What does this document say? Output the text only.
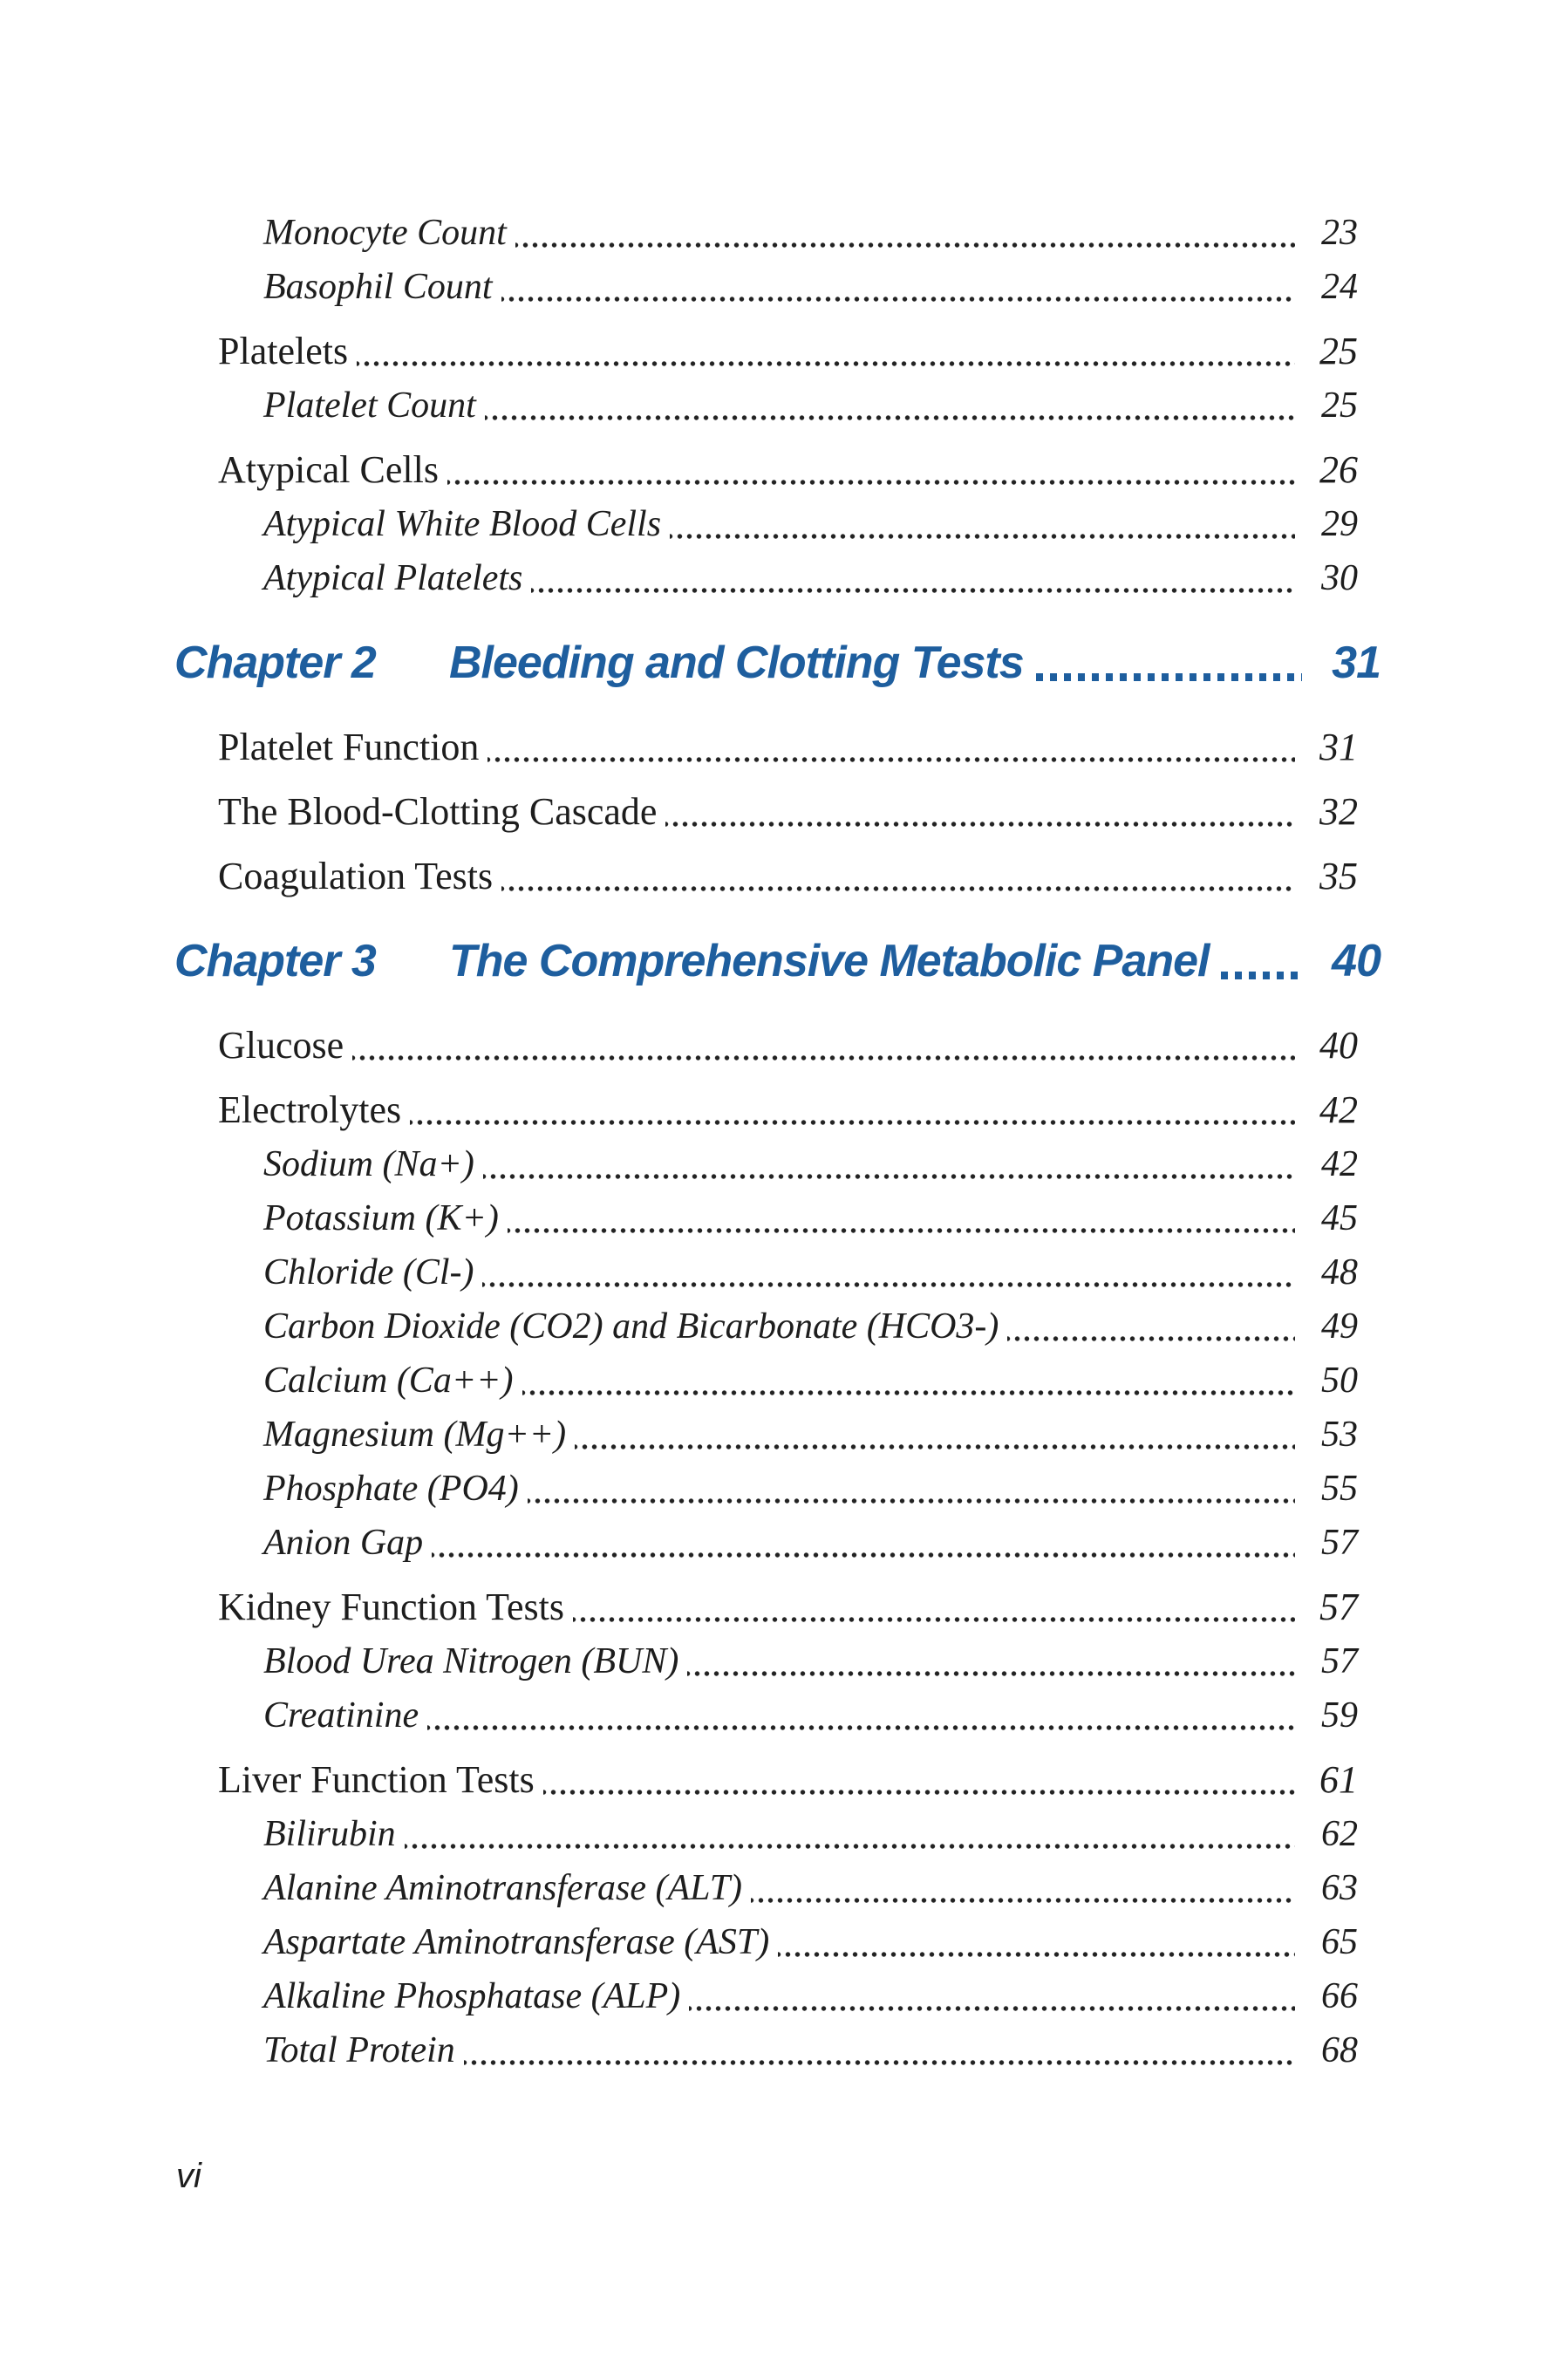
Monocyte Count	23
Basophil Count	24
Platelets	25
Platelet Count	25
Atypical Cells	26
Atypical White Blood Cells	29
Atypical Platelets	30
Chapter 2	Bleeding and Clotting Tests	31
Platelet Function	31
The Blood-Clotting Cascade	32
Coagulation Tests	35
Chapter 3	The Comprehensive Metabolic Panel	40
Glucose	40
Electrolytes	42
Sodium (Na+)	42
Potassium (K+)	45
Chloride (Cl-)	48
Carbon Dioxide (CO2) and Bicarbonate (HCO3-)	49
Calcium (Ca++)	50
Magnesium (Mg++)	53
Phosphate (PO4)	55
Anion Gap	57
Kidney Function Tests	57
Blood Urea Nitrogen (BUN)	57
Creatinine	59
Liver Function Tests	61
Bilirubin	62
Alanine Aminotransferase (ALT)	63
Aspartate Aminotransferase (AST)	65
Alkaline Phosphatase (ALP)	66
Total Protein	68
vi
